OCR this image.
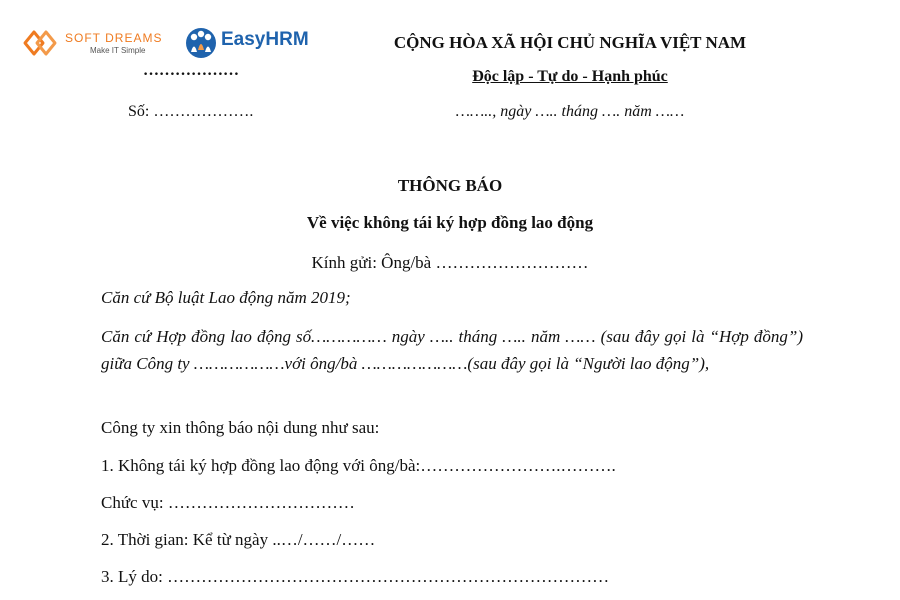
SOFT DREAMS
Make IT Simple
EasyHRM
………………
Số: ……………….
CỘNG HÒA XÃ HỘI CHỦ NGHĨA VIỆT NAM
Độc lập - Tự do - Hạnh phúc
…….., ngày ….. tháng …. năm ……
THÔNG BÁO
Về việc không tái ký hợp đồng lao động
Kính gửi: Ông/bà ………………………
Căn cứ Bộ luật Lao động năm 2019;
Căn cứ Hợp đồng lao động số…………… ngày ….. tháng ….. năm …… (sau đây gọi là “Hợp đồng”) giữa Công ty ………………với ông/bà …………………(sau đây gọi là “Người lao động”),
Công ty xin thông báo nội dung như sau:
1. Không tái ký hợp đồng lao động với ông/bà:…………………….……….
Chức vụ: ……………………………
2. Thời gian: Kể từ ngày ..…/……/……
3. Lý do: ……………………………………………………………………
